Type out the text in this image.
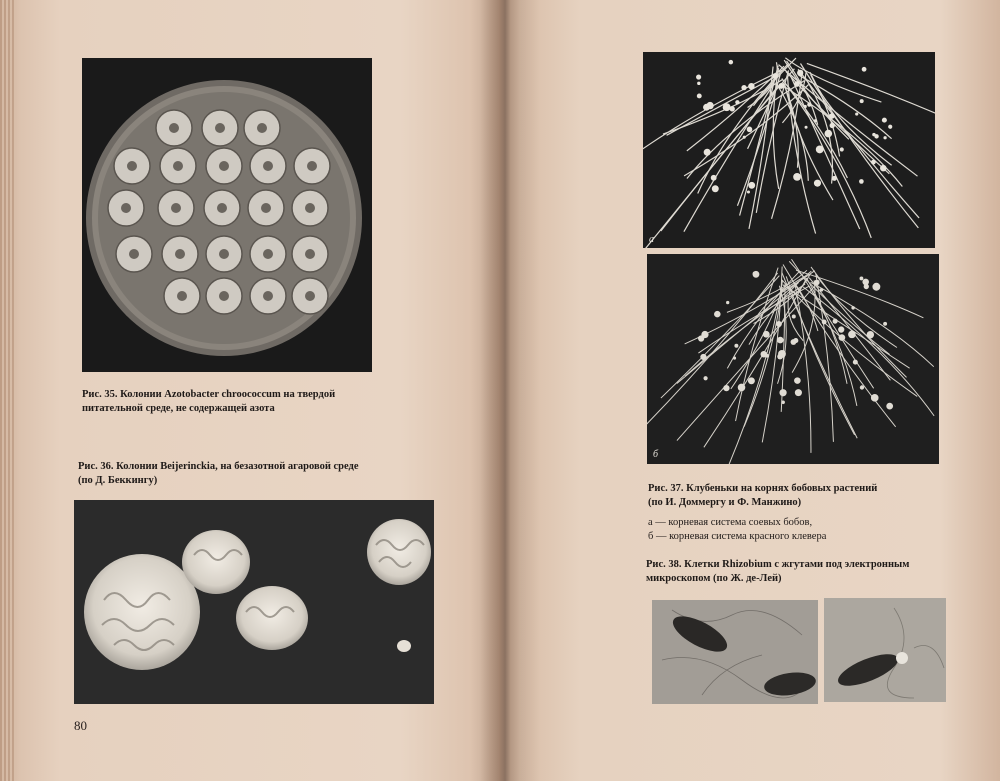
Рис. 35. Колонии Azotobacter chroococcum на твердой
питательной среде, не содержащей азота
Рис. 36. Колонии Beijerinckia, на безазотной агаровой среде
(по Д. Беккингу)
80
а
б
Рис. 37. Клубеньки на корнях бобовых растений
(по И. Доммергу и Ф. Манжино)
а — корневая система соевых бобов,
б — корневая система красного клевера
Рис. 38. Клетки Rhizobium с жгутами под электронным
микроскопом (по Ж. де-Лей)
